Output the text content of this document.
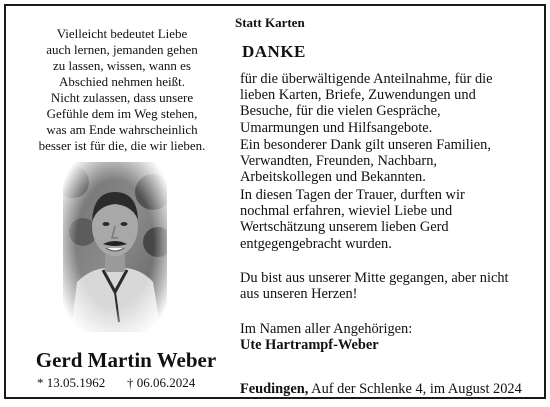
Vielleicht bedeutet Liebe
auch lernen, jemanden gehen
zu lassen, wissen, wann es
Abschied nehmen heißt.
Nicht zulassen, dass unsere
Gefühle dem im Weg stehen,
was am Ende wahrscheinlich
besser ist für die, die wir lieben.
Gerd Martin Weber
* 13.05.1962 † 06.06.2024
Statt Karten
DANKE
für die überwältigende Anteilnahme, für die
lieben Karten, Briefe, Zuwendungen und
Besuche, für die vielen Gespräche,
Umarmungen und Hilfsangebote.
Ein besonderer Dank gilt unseren Familien,
Verwandten, Freunden, Nachbarn,
Arbeitskollegen und Bekannten.
In diesen Tagen der Trauer, durften wir
nochmal erfahren, wieviel Liebe und
Wertschätzung unserem lieben Gerd
entgegengebracht wurden.
Du bist aus unserer Mitte gegangen, aber nicht
aus unseren Herzen!
Im Namen aller Angehörigen:
Ute Hartrampf-Weber
Feudingen, Auf der Schlenke 4, im August 2024
